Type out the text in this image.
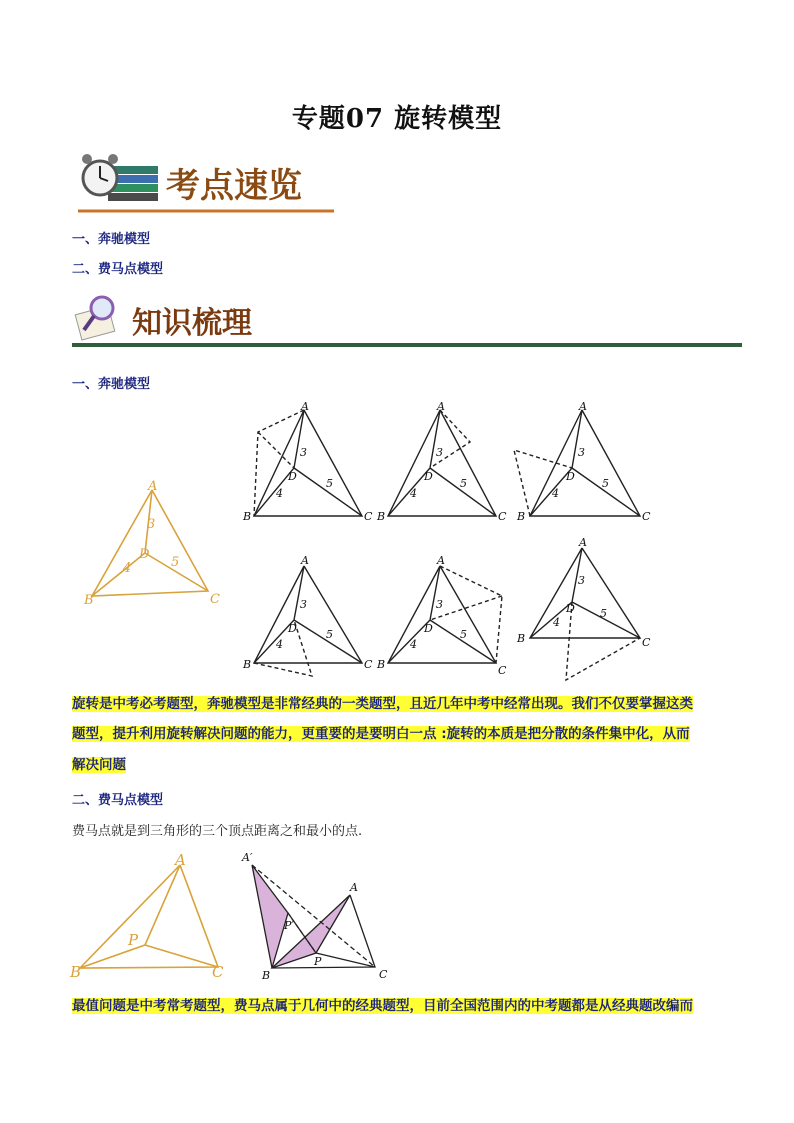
专题07 旋转模型
考点速览
一、奔驰模型
二、费马点模型
知识梳理
一、奔驰模型
A
B	C
D
3
4	5
A
B	C
D
3
4
5
A
B	C
D
3
4
5
A
B	C
D
3
4
5
A
B	C
D
3
4
5
A
B	C
D
3
4
5
A
B	C
D
3
4
5
旋转是中考必考题型，奔驰模型是非常经典的一类题型，且近几年中考中经常出现。我们不仅要掌握这类
题型，提升利用旋转解决问题的能力，更重要的是要明白一点 :旋转的本质是把分散的条件集中化，从而
解决问题
二、费马点模型
费马点就是到三角形的三个顶点距离之和最小的点.
A
B	C
P
A′
A
P′
P
B	C
最值问题是中考常考题型，费马点属于几何中的经典题型，目前全国范围内的中考题都是从经典题改编而
